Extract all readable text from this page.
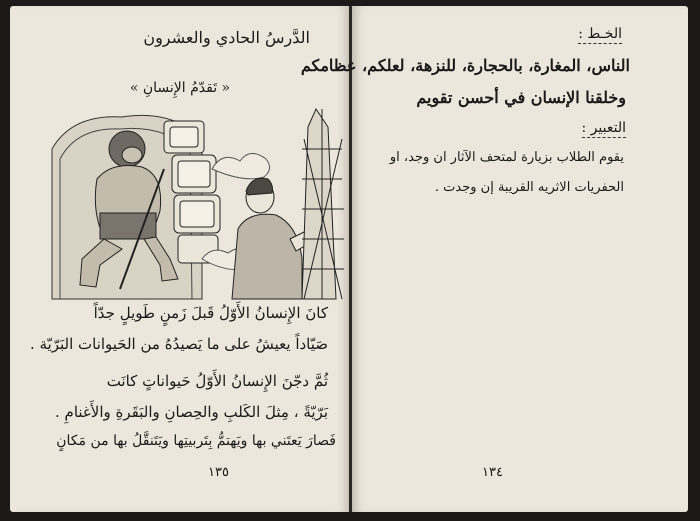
الدَّرسُ الحادي والعشرون
« تَقدّمُ الإِنسانِ »
كانَ الإِنسانُ الأَوّلُ قَبلَ زَمنٍ طَويلٍ جدّاً
صَيّاداً يعيشُ على ما يَصيدُهُ من الحَيوانات البَرّيّة .
ثُمَّ دجّنَ الإِنسانُ الأَوّلُ حَيواناتٍ كانَت
بَرّيّةً ، مِثلَ الكَلبِ والحِصانِ والبَقَرةِ والأَغنامِ .
فَصارَ يَعتَني بها ويَهتمُّ بِتَربيتِها ويَتَنقَّلُ بها من مَكانٍ
١٣٥
الخـط :
الناس، المغارة، بالحجارة، للنزهة، لعلكم، عظامكم
وخلقنا الإنسان في أحسن تقويم
التعبير :
يقوم الطلاب بزيارة لمتحف الآثار ان وجد، او
الحفريات الاثريه القريبة إن وجدت .
١٣٤
